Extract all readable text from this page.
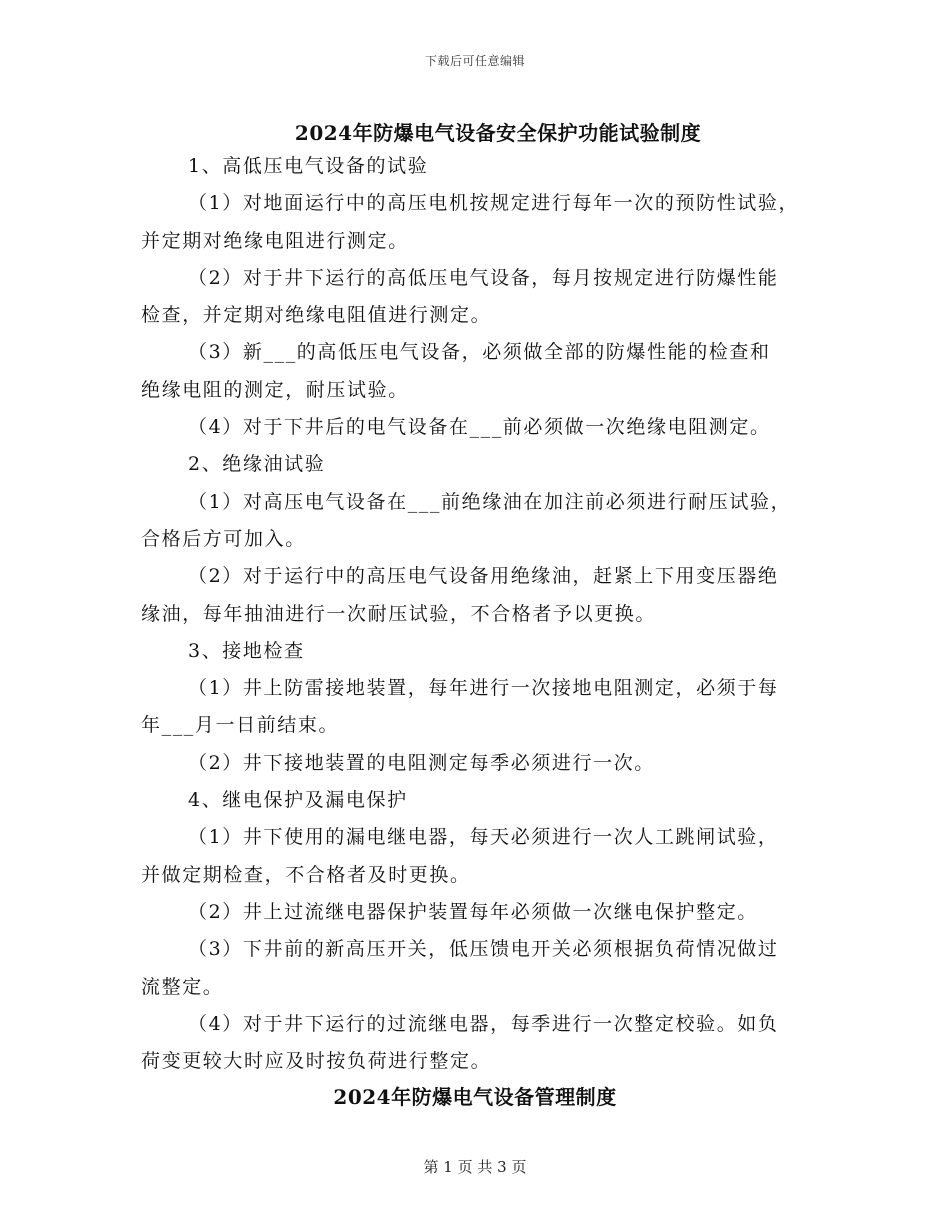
下载后可任意编辑
2024年防爆电气设备安全保护功能试验制度
1、高低压电气设备的试验
（1）对地面运行中的高压电机按规定进行每年一次的预防性试验，
并定期对绝缘电阻进行测定。
（2）对于井下运行的高低压电气设备，每月按规定进行防爆性能
检查，并定期对绝缘电阻值进行测定。
（3）新___的高低压电气设备，必须做全部的防爆性能的检查和
绝缘电阻的测定，耐压试验。
（4）对于下井后的电气设备在___前必须做一次绝缘电阻测定。
2、绝缘油试验
（1）对高压电气设备在___前绝缘油在加注前必须进行耐压试验，
合格后方可加入。
（2）对于运行中的高压电气设备用绝缘油，赶紧上下用变压器绝
缘油，每年抽油进行一次耐压试验，不合格者予以更换。
3、接地检查
（1）井上防雷接地装置，每年进行一次接地电阻测定，必须于每
年___月一日前结束。
（2）井下接地装置的电阻测定每季必须进行一次。
4、继电保护及漏电保护
（1）井下使用的漏电继电器，每天必须进行一次人工跳闸试验，
并做定期检查，不合格者及时更换。
（2）井上过流继电器保护装置每年必须做一次继电保护整定。
（3）下井前的新高压开关，低压馈电开关必须根据负荷情况做过
流整定。
（4）对于井下运行的过流继电器，每季进行一次整定校验。如负
荷变更较大时应及时按负荷进行整定。
2024年防爆电气设备管理制度
第 1 页 共 3 页
